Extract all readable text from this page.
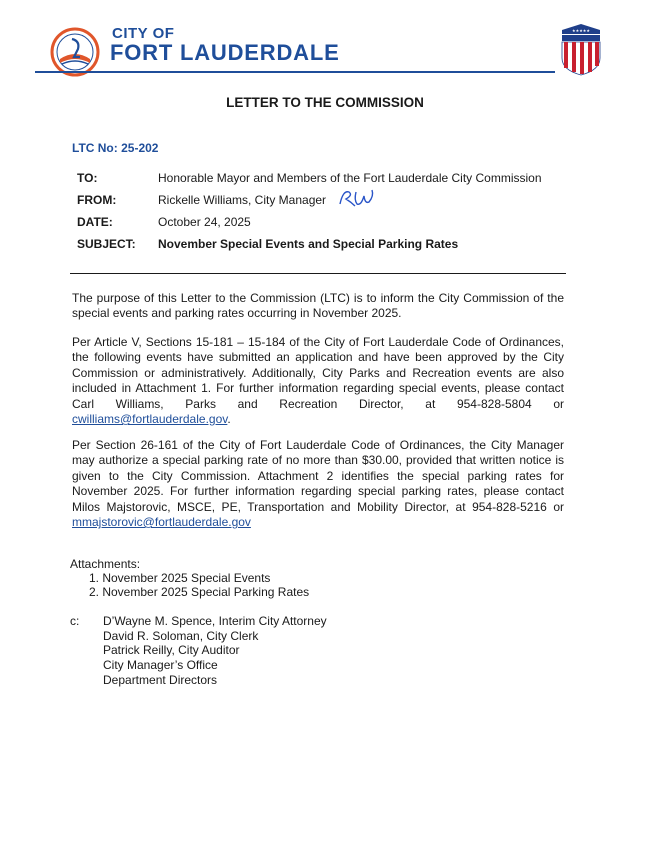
CITY OF
FORT LAUDERDALE
★★★★★
LETTER TO THE COMMISSION
LTC No: 25-202
TO:	Honorable Mayor and Members of the Fort Lauderdale City Commission
FROM:	Rickelle Williams, City Manager
DATE:	October 24, 2025
SUBJECT: November Special Events and Special Parking Rates
The purpose of this Letter to the Commission (LTC) is to inform the City Commission of the special events and parking rates occurring in November 2025.
Per Article V, Sections 15-181 – 15-184 of the City of Fort Lauderdale Code of Ordinances, the following events have submitted an application and have been approved by the City Commission or administratively. Additionally, City Parks and Recreation events are also included in Attachment 1. For further information regarding special events, please contact Carl Williams, Parks and Recreation Director, at 954-828-5804 or cwilliams@fortlauderdale.gov.
Per Section 26-161 of the City of Fort Lauderdale Code of Ordinances, the City Manager may authorize a special parking rate of no more than $30.00, provided that written notice is given to the City Commission. Attachment 2 identifies the special parking rates for November 2025. For further information regarding special parking rates, please contact Milos Majstorovic, MSCE, PE, Transportation and Mobility Director, at 954-828-5216 or mmajstorovic@fortlauderdale.gov
Attachments:
1. November 2025 Special Events
2. November 2025 Special Parking Rates
c: D’Wayne M. Spence, Interim City Attorney
David R. Soloman, City Clerk
Patrick Reilly, City Auditor
City Manager’s Office
Department Directors
